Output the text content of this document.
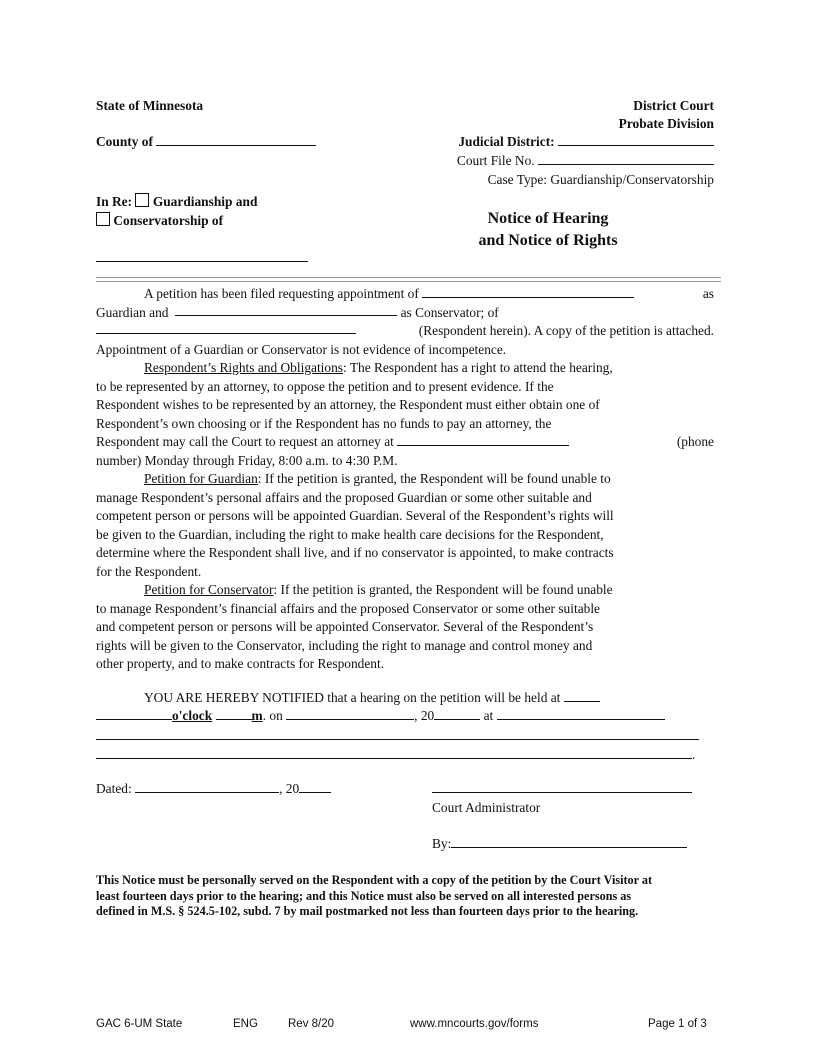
State of Minnesota
County of
District Court
Probate Division
Judicial District:
Court File No.
Case Type: Guardianship/Conservatorship
In Re: Guardianship and
Conservatorship of	Notice of Hearing
and Notice of Rights
A petition has been filed requesting appointment of	as
Guardian and

	as Conservator; of
(Respondent herein). A copy of the petition is attached.
Appointment of a Guardian or Conservator is not evidence of incompetence.
Respondent’s Rights and Obligations : The Respondent has a right to attend the hearing,
to be represented by an attorney, to oppose the petition and to present evidence. If the
Respondent wishes to be represented by an attorney, the Respondent must either obtain one of
Respondent’s own choosing or if the Respondent has no funds to pay an attorney, the
Respondent may call the Court to request an attorney at	(phone
number) Monday through Friday, 8:00 a.m. to 4:30 P.M.
Petition for Guardian : If the petition is granted, the Respondent will be found unable to
manage Respondent’s personal affairs and the proposed Guardian or some other suitable and
competent person or persons will be appointed Guardian. Several of the Respondent’s rights will
be given to the Guardian, including the right to make health care decisions for the Respondent,
determine where the Respondent shall live, and if no conservator is appointed, to make contracts
for the Respondent.
Petition for Conservator : If the petition is granted, the Respondent will be found unable
to manage Respondent’s financial affairs and the proposed Conservator or some other suitable
and competent person or persons will be appointed Conservator. Several of the Respondent’s
rights will be given to the Conservator, including the right to manage and control money and
other property, and to make contracts for Respondent.
YOU ARE HEREBY NOTIFIED that a hearing on the petition will be held at
o'clock	m. on	, 20	at
.
Dated:	, 20
Court Administrator
By:
This Notice must be personally served on the Respondent with a copy of the petition by the Court Visitor at
least fourteen days prior to the hearing; and this Notice must also be served on all interested persons as
defined in M.S. § 524.5-102, subd. 7 by mail postmarked not less than fourteen days prior to the hearing.
GAC 6-UM State	ENG	Rev 8/20	www.mncourts.gov/forms	Page 1 of 3
